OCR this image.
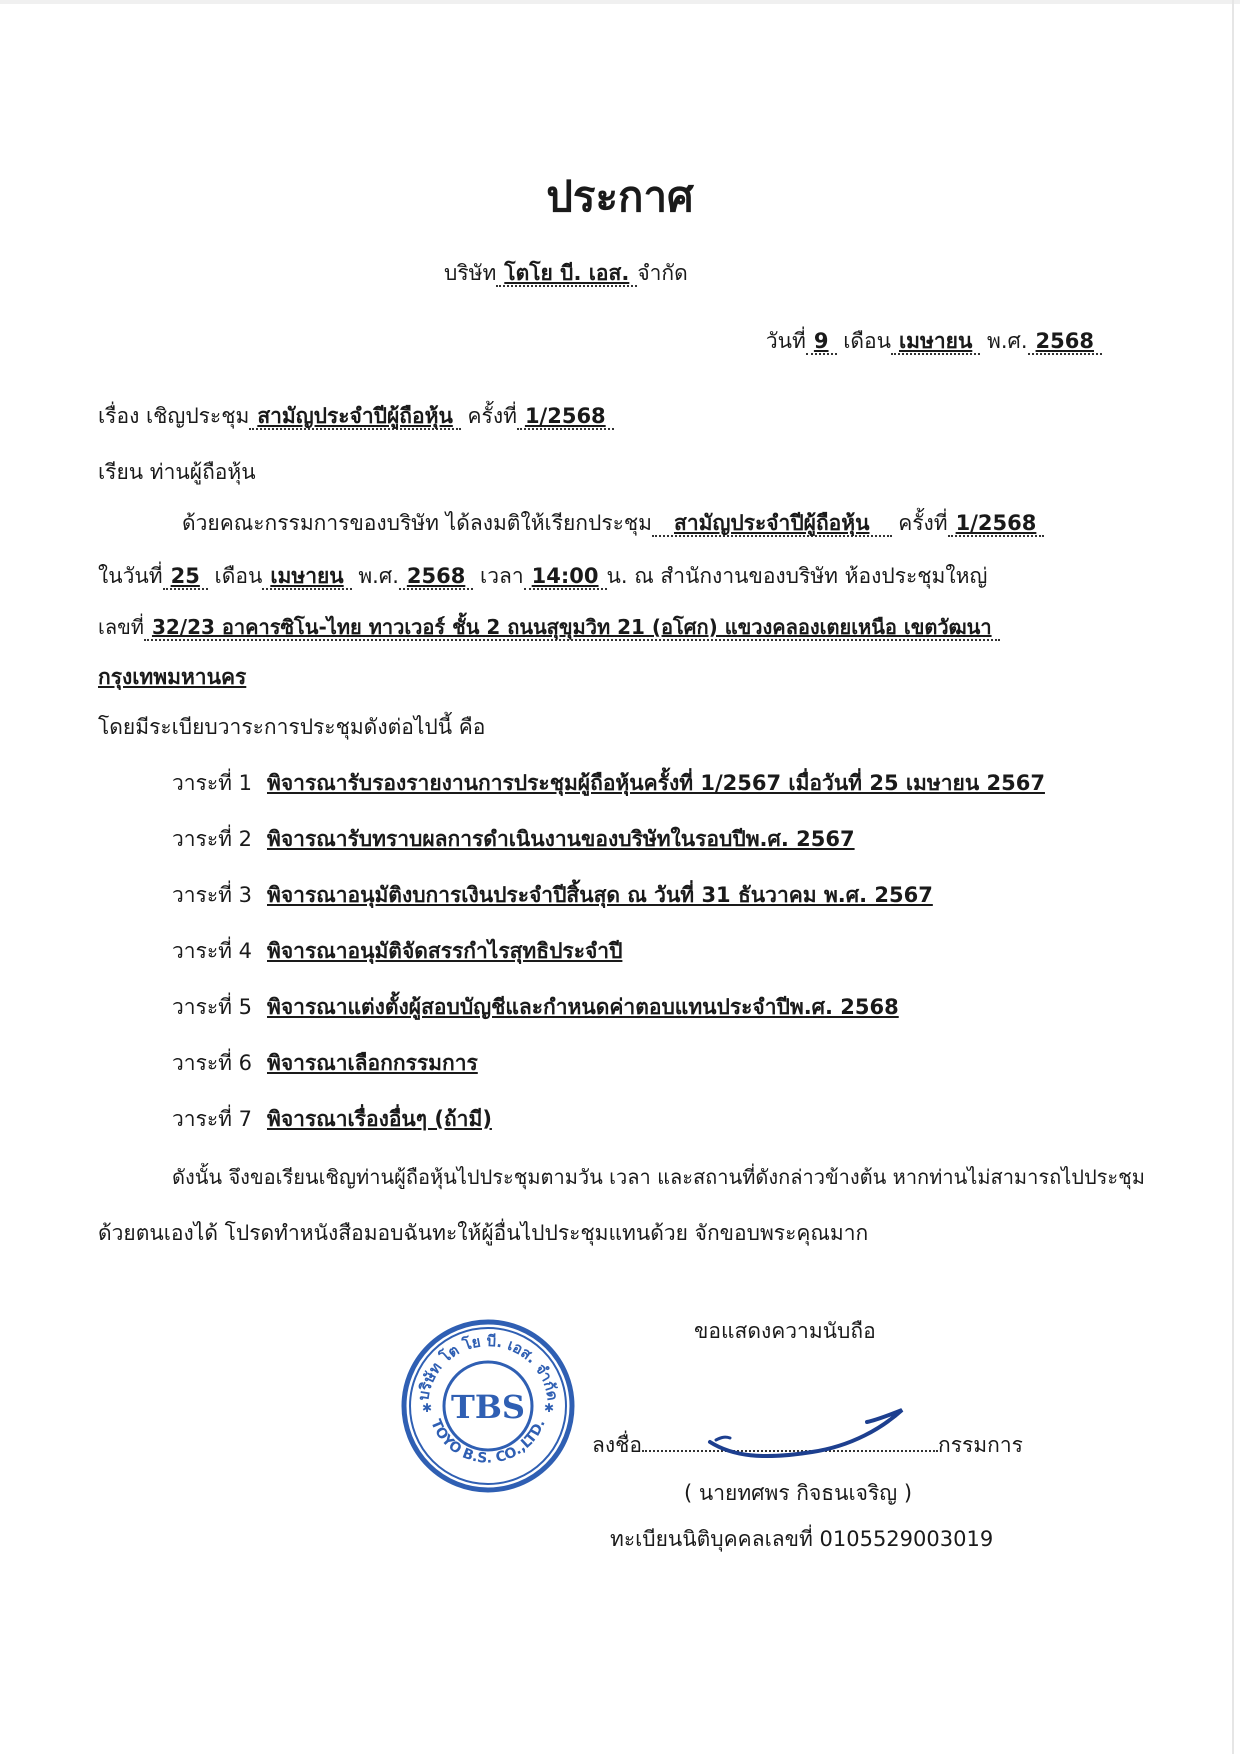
ประกาศ
บริษัท โตโย บี. เอส. จำกัด
วันที่ 9 เดือน เมษายน พ.ศ. 2568
เรื่อง เชิญประชุม สามัญประจำปีผู้ถือหุ้น ครั้งที่ 1/2568
เรียน ท่านผู้ถือหุ้น
ด้วยคณะกรรมการของบริษัท ได้ลงมติให้เรียกประชุม สามัญประจำปีผู้ถือหุ้น ครั้งที่ 1/2568
ในวันที่ 25 เดือน เมษายน พ.ศ. 2568 เวลา 14:00 น. ณ สำนักงานของบริษัท ห้องประชุมใหญ่
เลขที่ 32/23 อาคารซิโน-ไทย ทาวเวอร์ ชั้น 2 ถนนสุขุมวิท 21 (อโศก) แขวงคลองเตยเหนือ เขตวัฒนา
กรุงเทพมหานคร
โดยมีระเบียบวาระการประชุมดังต่อไปนี้ คือ
วาระที่ 1 พิจารณารับรองรายงานการประชุมผู้ถือหุ้นครั้งที่ 1/2567 เมื่อวันที่ 25 เมษายน 2567
วาระที่ 2 พิจารณารับทราบผลการดำเนินงานของบริษัทในรอบปีพ.ศ. 2567
วาระที่ 3 พิจารณาอนุมัติงบการเงินประจำปีสิ้นสุด ณ วันที่ 31 ธันวาคม พ.ศ. 2567
วาระที่ 4 พิจารณาอนุมัติจัดสรรกำไรสุทธิประจำปี
วาระที่ 5 พิจารณาแต่งตั้งผู้สอบบัญชีและกำหนดค่าตอบแทนประจำปีพ.ศ. 2568
วาระที่ 6 พิจารณาเลือกกรรมการ
วาระที่ 7 พิจารณาเรื่องอื่นๆ (ถ้ามี)
ดังนั้น จึงขอเรียนเชิญท่านผู้ถือหุ้นไปประชุมตามวัน เวลา และสถานที่ดังกล่าวข้างต้น หากท่านไม่สามารถไปประชุม
ด้วยตนเองได้ โปรดทำหนังสือมอบฉันทะให้ผู้อื่นไปประชุมแทนด้วย จักขอบพระคุณมาก
ขอแสดงความนับถือ
ลงชื่อ	กรรมการ
( นายทศพร กิจธนเจริญ )
ทะเบียนนิติบุคคลเลขที่ 0105529003019
บริษัท โต โย บี. เอส. จำกัด
TOYO B.S. CO.,LTD.
TBS
✱	✱
